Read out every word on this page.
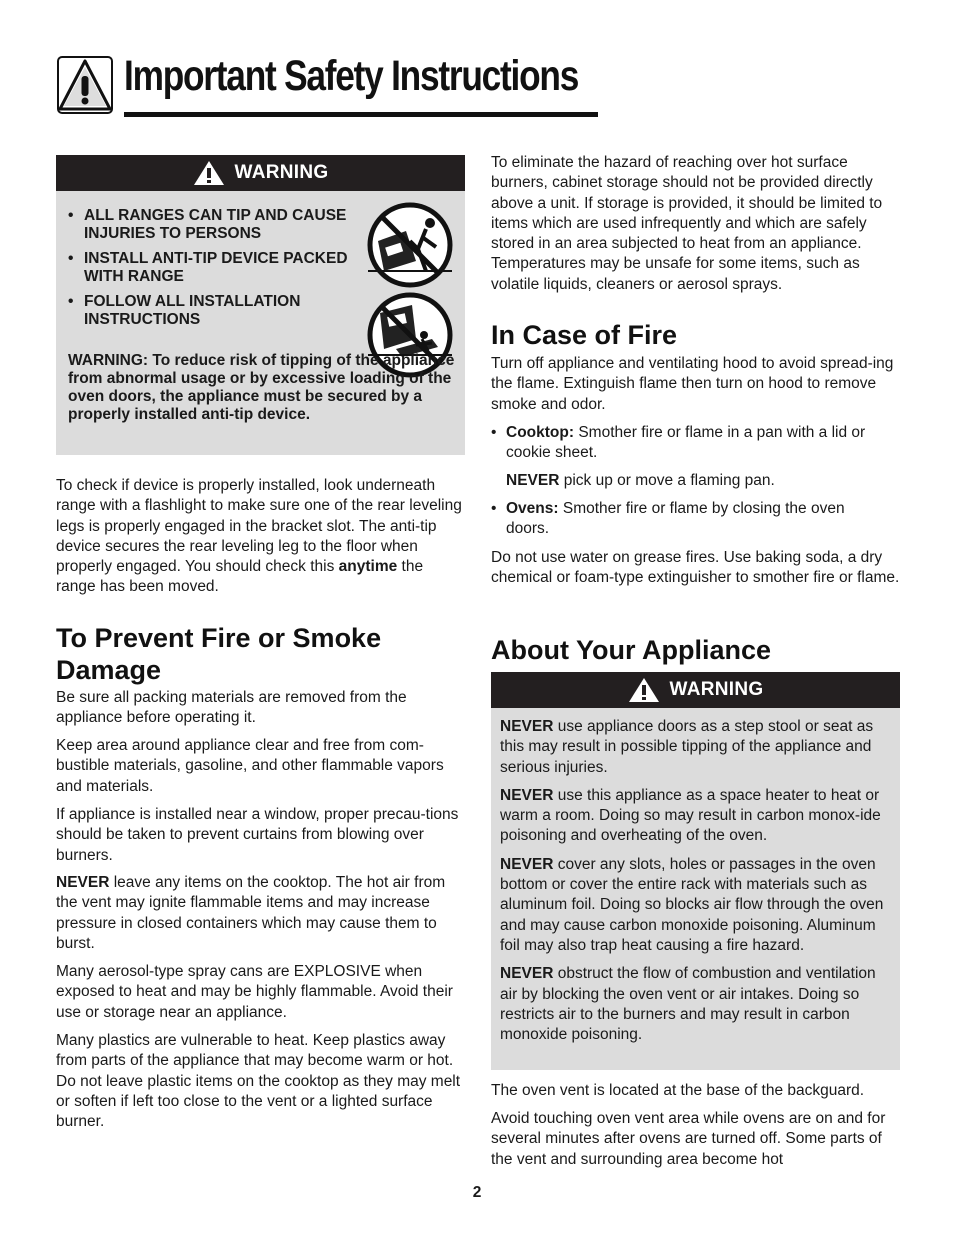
Important Safety Instructions
WARNING
• ALL RANGES CAN TIP AND CAUSE INJURIES TO PERSONS
• INSTALL ANTI-TIP DEVICE PACKED WITH RANGE
• FOLLOW ALL INSTALLATION INSTRUCTIONS
WARNING: To reduce risk of tipping of the appliance from abnormal usage or by excessive loading of the oven doors, the appliance must be secured by a properly installed anti-tip device.

To check if device is properly installed, look underneath range with a flashlight to make sure one of the rear leveling legs is properly engaged in the bracket slot. The anti-tip device secures the rear leveling leg to the floor when properly engaged. You should check this anytime the range has been moved.

To Prevent Fire or Smoke Damage

Be sure all packing materials are removed from the appliance before operating it.

Keep area around appliance clear and free from com-bustible materials, gasoline, and other flammable vapors and materials.

If appliance is installed near a window, proper precau-tions should be taken to prevent curtains from blowing over burners.

NEVER leave any items on the cooktop. The hot air from the vent may ignite flammable items and may increase pressure in closed containers which may cause them to burst.

Many aerosol-type spray cans are EXPLOSIVE when exposed to heat and may be highly flammable. Avoid their use or storage near an appliance.

Many plastics are vulnerable to heat. Keep plastics away from parts of the appliance that may become warm or hot. Do not leave plastic items on the cooktop as they may melt or soften if left too close to the vent or a lighted surface burner.

To eliminate the hazard of reaching over hot surface burners, cabinet storage should not be provided directly above a unit. If storage is provided, it should be limited to items which are used infrequently and which are safely stored in an area subjected to heat from an appliance. Temperatures may be unsafe for some items, such as volatile liquids, cleaners or aerosol sprays.

In Case of Fire

Turn off appliance and ventilating hood to avoid spread-ing the flame. Extinguish flame then turn on hood to remove smoke and odor.

• Cooktop: Smother fire or flame in a pan with a lid or cookie sheet.

NEVER pick up or move a flaming pan.

• Ovens: Smother fire or flame by closing the oven doors.

Do not use water on grease fires. Use baking soda, a dry chemical or foam-type extinguisher to smother fire or flame.

About Your Appliance
WARNING

NEVER use appliance doors as a step stool or seat as this may result in possible tipping of the appliance and serious injuries.

NEVER use this appliance as a space heater to heat or warm a room. Doing so may result in carbon monox-ide poisoning and overheating of the oven.

NEVER cover any slots, holes or passages in the oven bottom or cover the entire rack with materials such as aluminum foil. Doing so blocks air flow through the oven and may cause carbon monoxide poisoning. Aluminum foil may also trap heat causing a fire hazard.

NEVER obstruct the flow of combustion and ventilation air by blocking the oven vent or air intakes. Doing so restricts air to the burners and may result in carbon monoxide poisoning.

The oven vent is located at the base of the backguard.

Avoid touching oven vent area while ovens are on and for several minutes after ovens are turned off. Some parts of the vent and surrounding area become hot

2
